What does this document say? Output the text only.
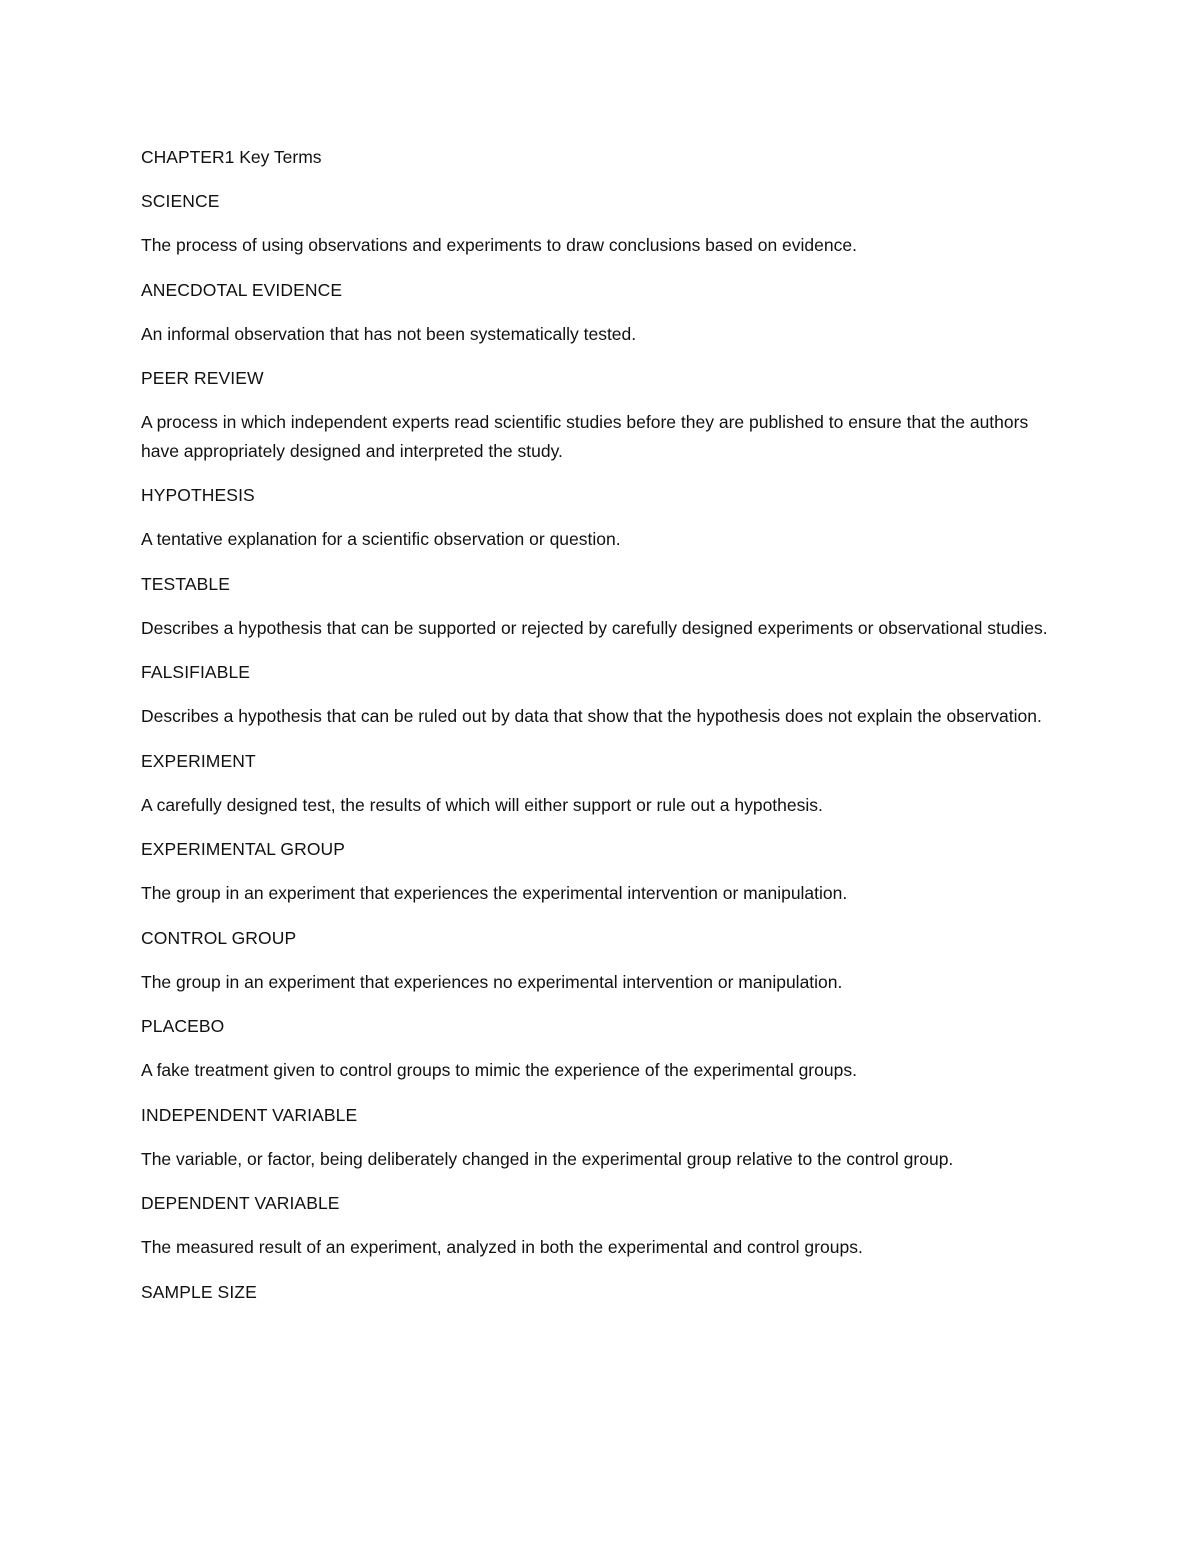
CHAPTER1 Key Terms

SCIENCE

The process of using observations and experiments to draw conclusions based on evidence.

ANECDOTAL EVIDENCE

An informal observation that has not been systematically tested.

PEER REVIEW

A process in which independent experts read scientific studies before they are published to ensure that the authors have appropriately designed and interpreted the study.

HYPOTHESIS

A tentative explanation for a scientific observation or question.

TESTABLE

Describes a hypothesis that can be supported or rejected by carefully designed experiments or observational studies.

FALSIFIABLE

Describes a hypothesis that can be ruled out by data that show that the hypothesis does not explain the observation.

EXPERIMENT

A carefully designed test, the results of which will either support or rule out a hypothesis.

EXPERIMENTAL GROUP

The group in an experiment that experiences the experimental intervention or manipulation.

CONTROL GROUP

The group in an experiment that experiences no experimental intervention or manipulation.

PLACEBO

A fake treatment given to control groups to mimic the experience of the experimental groups.

INDEPENDENT VARIABLE

The variable, or factor, being deliberately changed in the experimental group relative to the control group.

DEPENDENT VARIABLE

The measured result of an experiment, analyzed in both the experimental and control groups.

SAMPLE SIZE
